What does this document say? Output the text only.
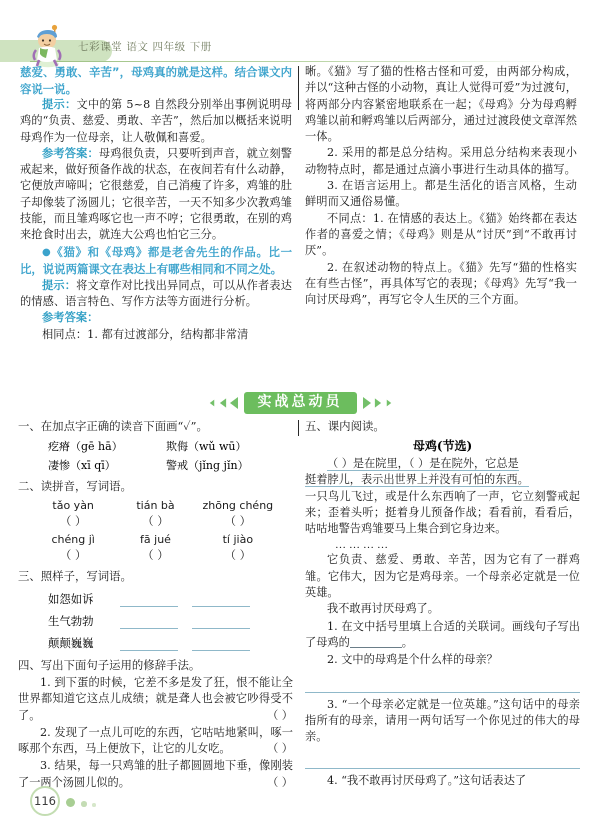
七彩课堂 语文 四年级 下册

慈爱、勇敢、辛苦”，母鸡真的就是这样。结合课文内容说一说。

提示：文中的第 5~8 自然段分别举出事例说明母鸡的“负责、慈爱、勇敢、辛苦”，然后加以概括来说明母鸡作为一位母亲，让人敬佩和喜爱。

参考答案：母鸡很负责，只要听到声音，就立刻警戒起来，做好预备作战的状态，在夜间若有什么动静，它便放声啼叫；它很慈爱，自己消瘦了许多，鸡雏的肚子却像装了汤圆儿；它很辛苦，一天不知多少次教鸡雏技能，而且雏鸡啄它也一声不哼；它很勇敢，在别的鸡来抢食时出去，就连大公鸡也怕它三分。

●《猫》和《母鸡》都是老舍先生的作品。比一比，说说两篇课文在表达上有哪些相同和不同之处。

提示：将文章作对比找出异同点，可以从作者表达的情感、语言特色、写作方法等方面进行分析。

参考答案：

相同点：1. 都有过渡部分，结构都非常清

晰。《猫》写了猫的性格古怪和可爱，由两部分构成，并以“这种古怪的小动物，真让人觉得可爱”为过渡句，将两部分内容紧密地联系在一起；《母鸡》分为母鸡孵鸡雏以前和孵鸡雏以后两部分，通过过渡段使文章浑然一体。

2. 采用的都是总分结构。采用总分结构来表现小动物特点时，都是通过点滴小事进行生动具体的描写。

3. 在语言运用上。都是生活化的语言风格，生动鲜明而又通俗易懂。

不同点：1. 在情感的表达上。《猫》始终都在表达作者的喜爱之情；《母鸡》则是从“讨厌”到“不敢再讨厌”。

2. 在叙述动物的特点上。《猫》先写“猫的性格实在有些古怪”，再具体写它的表现；《母鸡》先写“我一向讨厌母鸡”，再写它令人生厌的三个方面。

实战总动员
一、在加点字正确的读音下面画“✓”。
疙瘠（gē hā）	欺侮（wǔ wū）
凄惨（xī qī）	警戒（jǐng jǐn）
二、读拼音，写词语。
tǎo yàn	tián bà	zhōng chéng
（ ）	（ ）	（ ）
chéng jì	fā jué	tí jiào
（ ）	（ ）	（ ）
三、照样子，写词语。
如怨如诉
生气勃勃
颠颠巍巍
四、写出下面句子运用的修辞手法。

1. 到下蛋的时候，它差不多是发了狂，恨不能让全世界都知道它这点儿成绩；就是聋人也会被它吵得受不了。	（ ）

2. 发现了一点儿可吃的东西，它咕咕地紧叫，啄一啄那个东西，马上便放下，让它的儿女吃。	（ ）

3. 结果，每一只鸡雏的肚子都圆圆地下垂，像刚装了一两个汤圆儿似的。	（ ）

五、课内阅读。
母鸡(节选)

（ ）是在院里，（ ）是在院外，它总是

挺着脖儿，表示出世界上并没有可怕的东西。

一只鸟儿飞过，或是什么东西响了一声，它立刻警戒起来；歪着头听；挺着身儿预备作战；看看前，看看后，咕咕地警告鸡雏要马上集合到它身边来。

…………

它负责、慈爱、勇敢、辛苦，因为它有了一群鸡雏。它伟大，因为它是鸡母亲。一个母亲必定就是一位英雄。

我不敢再讨厌母鸡了。

1. 在文中括号里填上合适的关联词。画线句子写出了母鸡的	。

2. 文中的母鸡是个什么样的母亲？

3. “一个母亲必定就是一位英雄。”这句话中的母亲指所有的母亲，请用一两句话写一个你见过的伟大的母亲。

4. “我不敢再讨厌母鸡了。”这句话表达了

116
